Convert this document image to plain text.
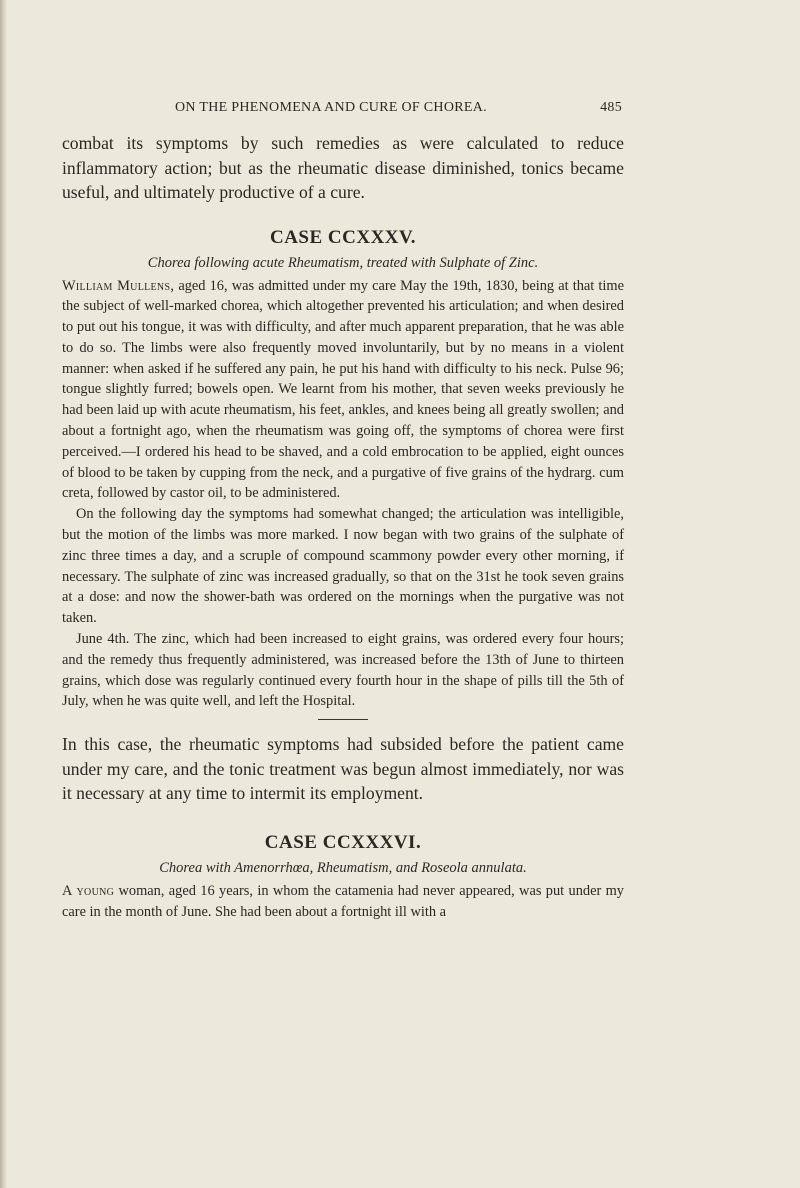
ON THE PHENOMENA AND CURE OF CHOREA.	485

combat its symptoms by such remedies as were calculated to reduce inflammatory action; but as the rheumatic disease diminished, tonics became useful, and ultimately productive of a cure.

CASE CCXXXV.

Chorea following acute Rheumatism, treated with Sulphate of Zinc.

William Mullens, aged 16, was admitted under my care May the 19th, 1830, being at that time the subject of well-marked chorea, which altogether prevented his articulation; and when desired to put out his tongue, it was with difficulty, and after much apparent preparation, that he was able to do so. The limbs were also frequently moved involuntarily, but by no means in a violent manner: when asked if he suffered any pain, he put his hand with difficulty to his neck. Pulse 96; tongue slightly furred; bowels open. We learnt from his mother, that seven weeks previously he had been laid up with acute rheumatism, his feet, ankles, and knees being all greatly swollen; and about a fortnight ago, when the rheumatism was going off, the symptoms of chorea were first perceived.—I ordered his head to be shaved, and a cold embrocation to be applied, eight ounces of blood to be taken by cupping from the neck, and a purgative of five grains of the hydrarg. cum creta, followed by castor oil, to be administered.

On the following day the symptoms had somewhat changed; the articulation was intelligible, but the motion of the limbs was more marked. I now began with two grains of the sulphate of zinc three times a day, and a scruple of compound scammony powder every other morning, if necessary. The sulphate of zinc was increased gradually, so that on the 31st he took seven grains at a dose: and now the shower-bath was ordered on the mornings when the purgative was not taken.

June 4th. The zinc, which had been increased to eight grains, was ordered every four hours; and the remedy thus frequently administered, was increased before the 13th of June to thirteen grains, which dose was regularly continued every fourth hour in the shape of pills till the 5th of July, when he was quite well, and left the Hospital.

In this case, the rheumatic symptoms had subsided before the patient came under my care, and the tonic treatment was begun almost immediately, nor was it necessary at any time to intermit its employment.

CASE CCXXXVI.

Chorea with Amenorrhœa, Rheumatism, and Roseola annulata.

A young woman, aged 16 years, in whom the catamenia had never appeared, was put under my care in the month of June. She had been about a fortnight ill with a
